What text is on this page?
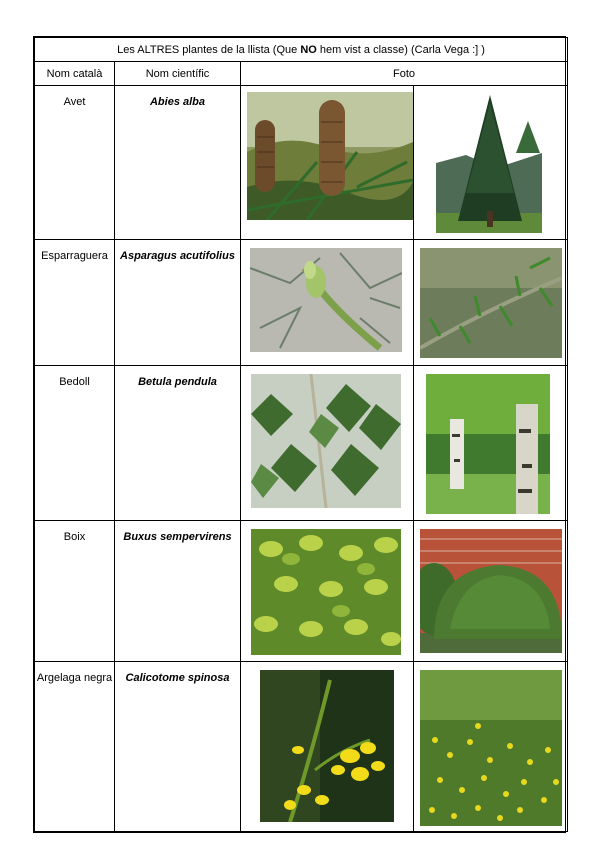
Les ALTRES plantes de la llista (Que NO hem vist a classe) (Carla Vega :] )			
Nom català	Nom científic	Foto	
Avet	Abies alba	

Esparraguera	Asparagus acutifolius	

Bedoll	Betula pendula	

Boix	Buxus sempervirens	

Argelaga negra	Calicotome spinosa	
